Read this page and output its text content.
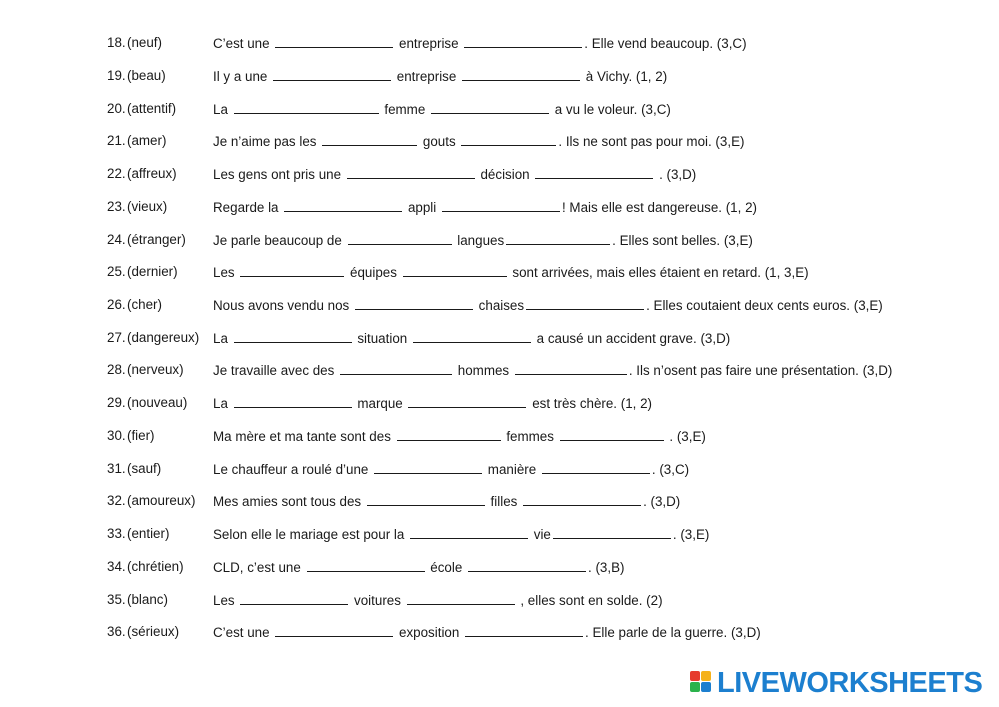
18. (neuf)	C’est une	entreprise	. Elle vend beaucoup. (3,C)
19. (beau)	Il y a une	entreprise	à Vichy. (1, 2)
20. (attentif)	La	femme	a vu le voleur. (3,C)
21. (amer)	Je n’aime pas les	gouts	. Ils ne sont pas pour moi. (3,E)
22. (affreux)	Les gens ont pris une	décision	. (3,D)
23. (vieux)	Regarde la	appli	! Mais elle est dangereuse. (1, 2)
24. (étranger) Je parle beaucoup de	langues	. Elles sont belles. (3,E)
25. (dernier)	Les	équipes	sont arrivées, mais elles étaient en retard. (1, 3,E)
26. (cher)	Nous avons vendu nos	chaises	. Elles coutaient deux cents euros. (3,E)
27. (dangereux) La	situation	a causé un accident grave. (3,D)
28. (nerveux) Je travaille avec des	hommes	. Ils n’osent pas faire une présentation. (3,D)
29. (nouveau) La	marque	est très chère. (1, 2)
30. (fier)	Ma mère et ma tante sont des	femmes	. (3,E)
31. (sauf)	Le chauffeur a roulé d’une	manière	. (3,C)
32. (amoureux) Mes amies sont tous des	filles	. (3,D)
33. (entier)	Selon elle le mariage est pour la	vie	. (3,E)
34. (chrétien) CLD, c’est une	école	. (3,B)
35. (blanc)	Les	voitures	, elles sont en solde. (2)
36. (sérieux)	C’est une	exposition	. Elle parle de la guerre. (3,D)
LIVEWORKSHEETS
